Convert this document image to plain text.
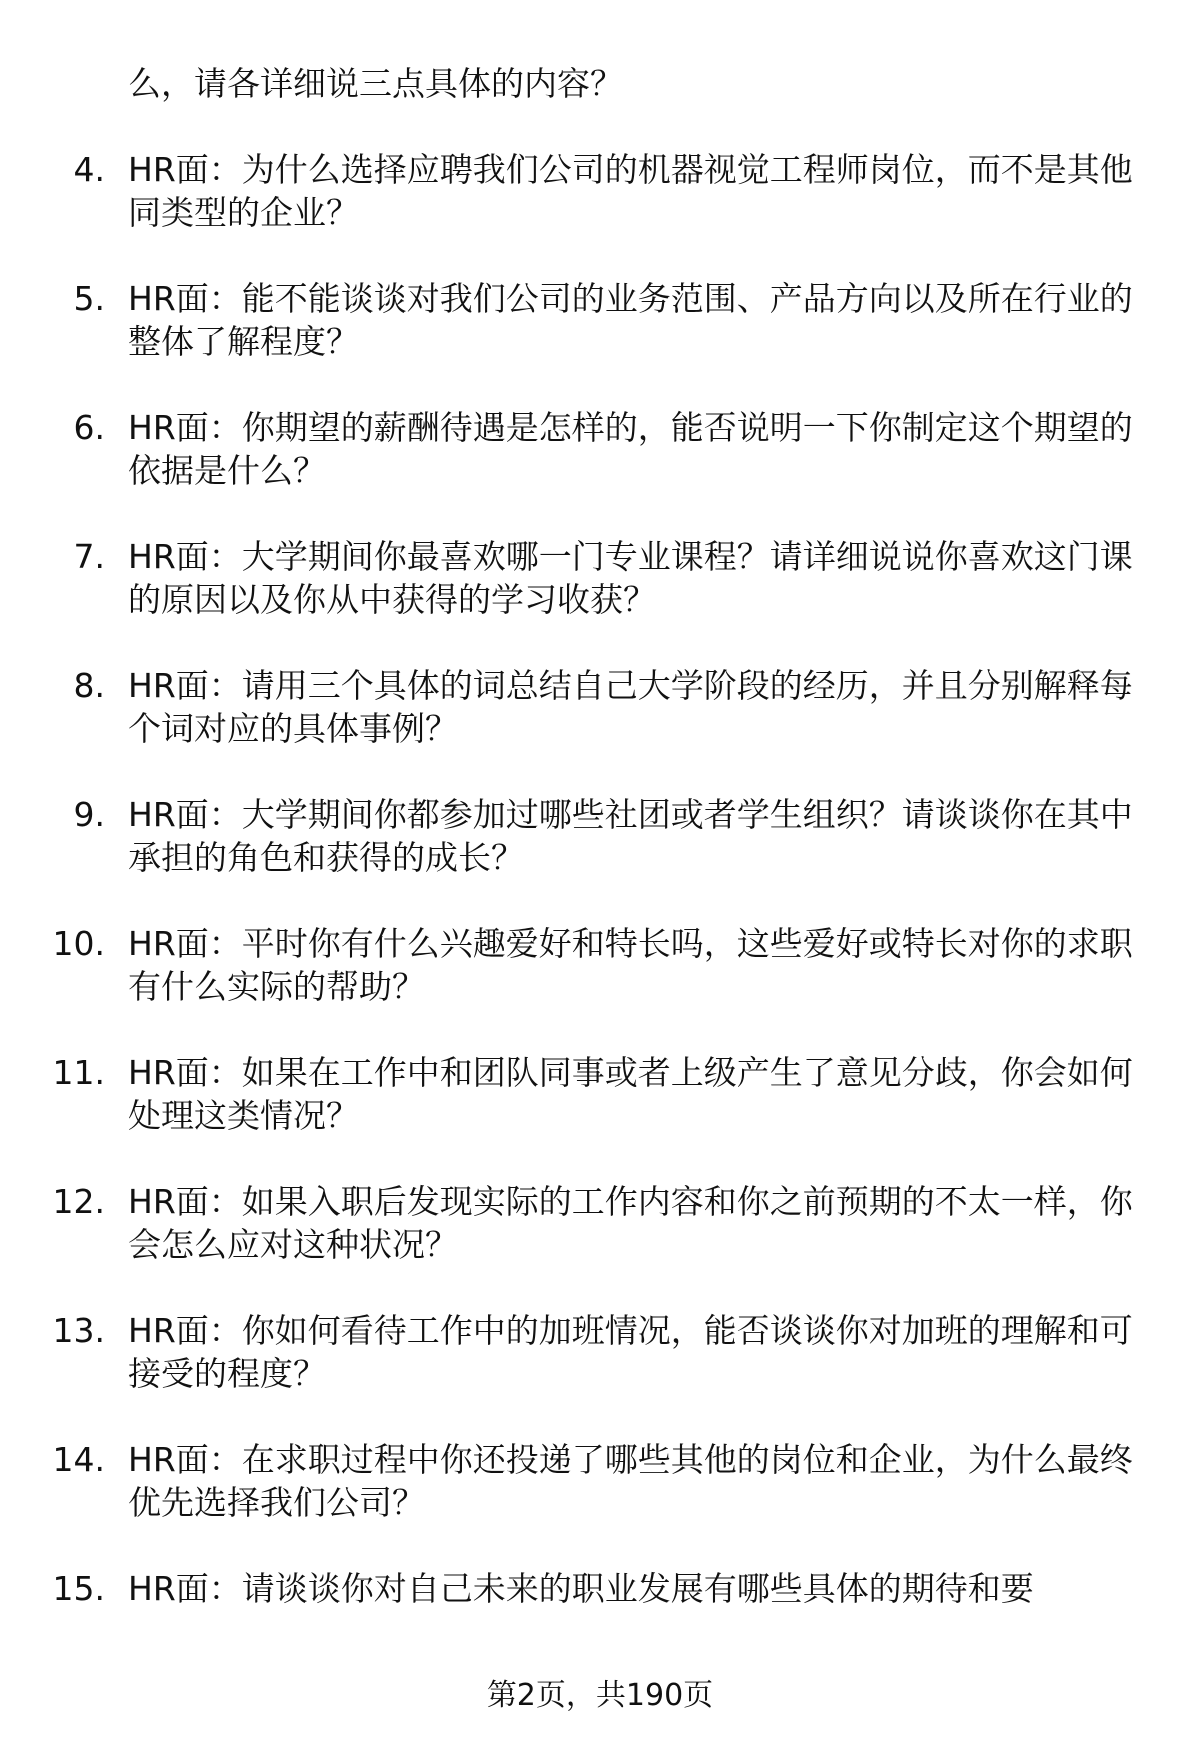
么，请各详细说三点具体的内容？
4. HR面：为什么选择应聘我们公司的机器视觉工程师岗位，而不是其他同类型的企业？
5. HR面：能不能谈谈对我们公司的业务范围、产品方向以及所在行业的整体了解程度？
6. HR面：你期望的薪酬待遇是怎样的，能否说明一下你制定这个期望的依据是什么？
7. HR面：大学期间你最喜欢哪一门专业课程？请详细说说你喜欢这门课的原因以及你从中获得的学习收获？
8. HR面：请用三个具体的词总结自己大学阶段的经历，并且分别解释每个词对应的具体事例？
9. HR面：大学期间你都参加过哪些社团或者学生组织？请谈谈你在其中承担的角色和获得的成长？
10. HR面：平时你有什么兴趣爱好和特长吗，这些爱好或特长对你的求职有什么实际的帮助？
11. HR面：如果在工作中和团队同事或者上级产生了意见分歧，你会如何处理这类情况？
12. HR面：如果入职后发现实际的工作内容和你之前预期的不太一样，你会怎么应对这种状况？
13. HR面：你如何看待工作中的加班情况，能否谈谈你对加班的理解和可接受的程度？
14. HR面：在求职过程中你还投递了哪些其他的岗位和企业，为什么最终优先选择我们公司？
15. HR面：请谈谈你对自己未来的职业发展有哪些具体的期待和要
第2页，共190页
